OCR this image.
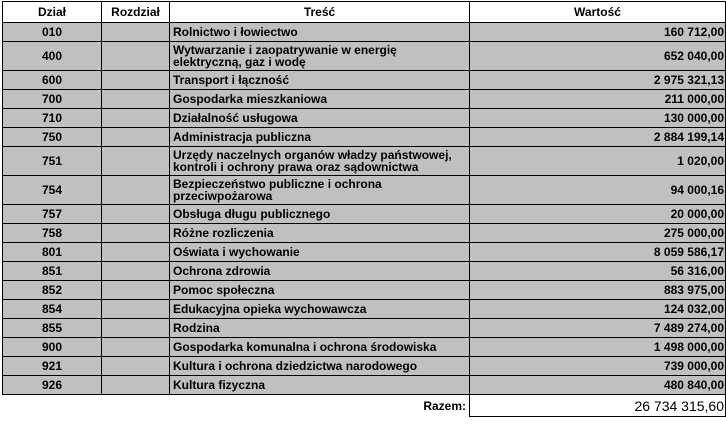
Dział	Rozdział	Treść	Wartość
010		Rolnictwo i łowiectwo	160 712,00
400		Wytwarzanie i zaopatrywanie w energię elektryczną, gaz i wodę	652 040,00
600		Transport i łączność	2 975 321,13
700		Gospodarka mieszkaniowa	211 000,00
710		Działalność usługowa	130 000,00
750		Administracja publiczna	2 884 199,14
751		Urzędy naczelnych organów władzy państwowej, kontroli i ochrony prawa oraz sądownictwa	1 020,00
754		Bezpieczeństwo publiczne i ochrona przeciwpożarowa	94 000,16
757		Obsługa długu publicznego	20 000,00
758		Różne rozliczenia	275 000,00
801		Oświata i wychowanie	8 059 586,17
851		Ochrona zdrowia	56 316,00
852		Pomoc społeczna	883 975,00
854		Edukacyjna opieka wychowawcza	124 032,00
855		Rodzina	7 489 274,00
900		Gospodarka komunalna i ochrona środowiska	1 498 000,00
921		Kultura i ochrona dziedzictwa narodowego	739 000,00
926		Kultura fizyczna	480 840,00
		Razem:	26 734 315,60
